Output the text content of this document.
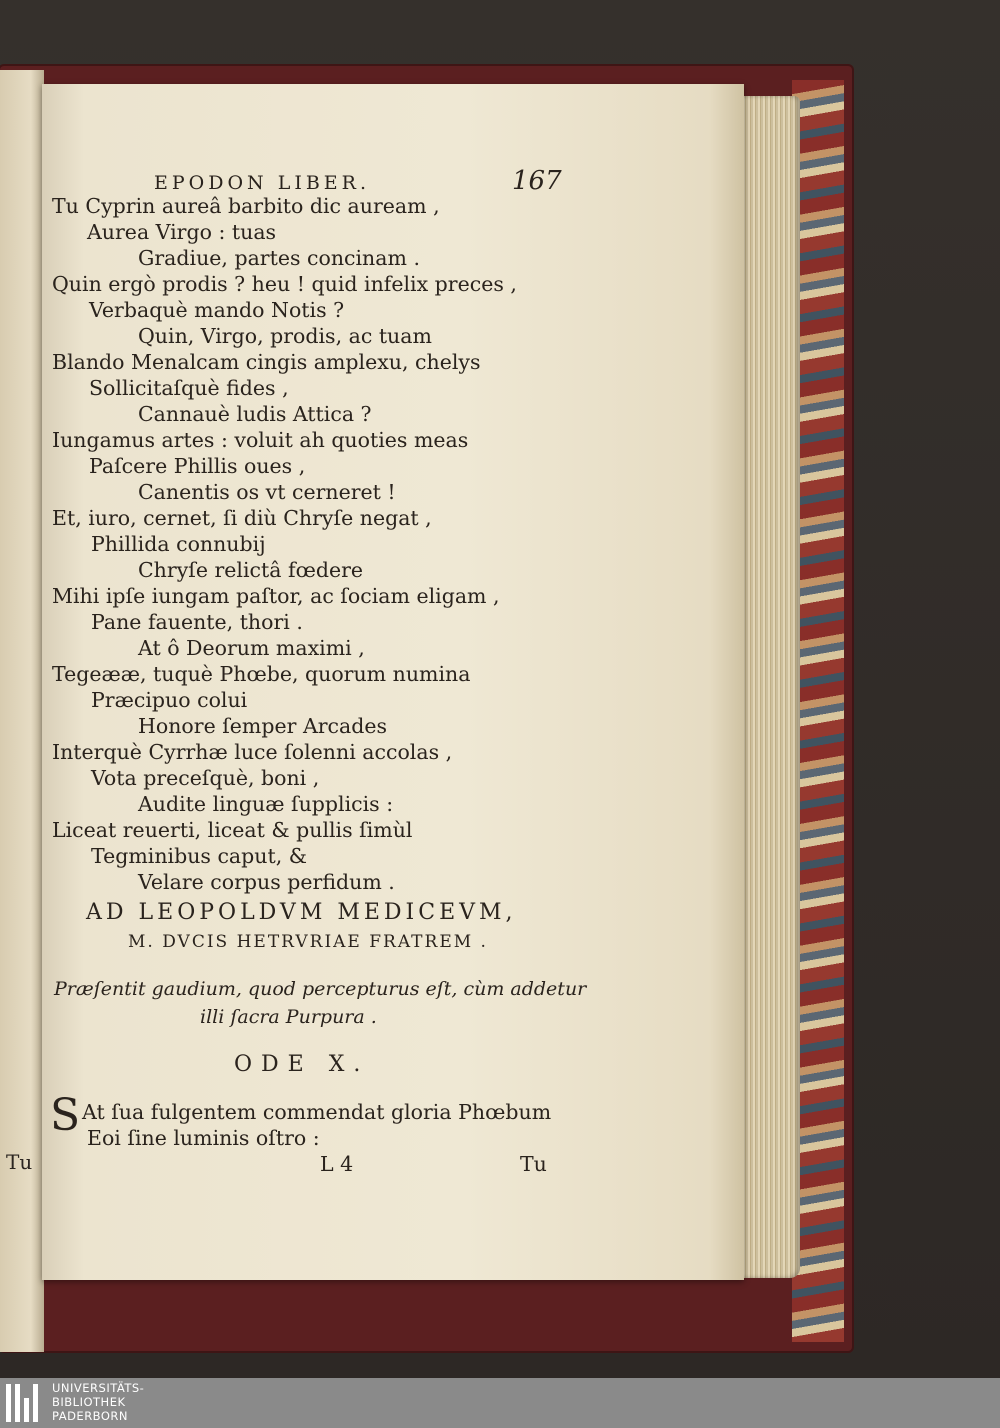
Tu
EPODON LIBER.	167
Tu Cyprin aureâ barbito dic auream ,
Aurea Virgo : tuas
Gradiue, partes concinam .
Quin ergò prodis ? heu ! quid infelix preces ,
Verbaquè mando Notis ?
Quin, Virgo, prodis, ac tuam
Blando Menalcam cingis amplexu, chelys
Sollicitaſquè fides ,
Cannauè ludis Attica ?
Iungamus artes : voluit ah quoties meas
Paſcere Phillis oues ,
Canentis os vt cerneret !
Et, iuro, cernet, ſi diù Chryſe negat ,
Phillida connubij
Chryſe relictâ fœdere
Mihi ipſe iungam paſtor, ac ſociam eligam ,
Pane fauente, thori .
At ô Deorum maximi ,
Tegeææ, tuquè Phœbe, quorum numina
Præcipuo colui
Honore ſemper Arcades
Interquè Cyrrhæ luce ſolenni accolas ,
Vota preceſquè, boni ,
Audite linguæ ſupplicis :
Liceat reuerti, liceat & pullis ſimùl
Tegminibus caput, &
Velare corpus perfidum .
AD LEOPOLDVM MEDICEVM,
M. DVCIS HETRVRIAE FRATREM .
Præſentit gaudium, quod percepturus eſt, cùm addetur
illi ſacra Purpura .
ODE X.
S At ſua fulgentem commendat gloria Phœbum
Eoi ſine luminis oſtro :
L 4	Tu
UNIVERSITÄTS-
BIBLIOTHEK
PADERBORN
